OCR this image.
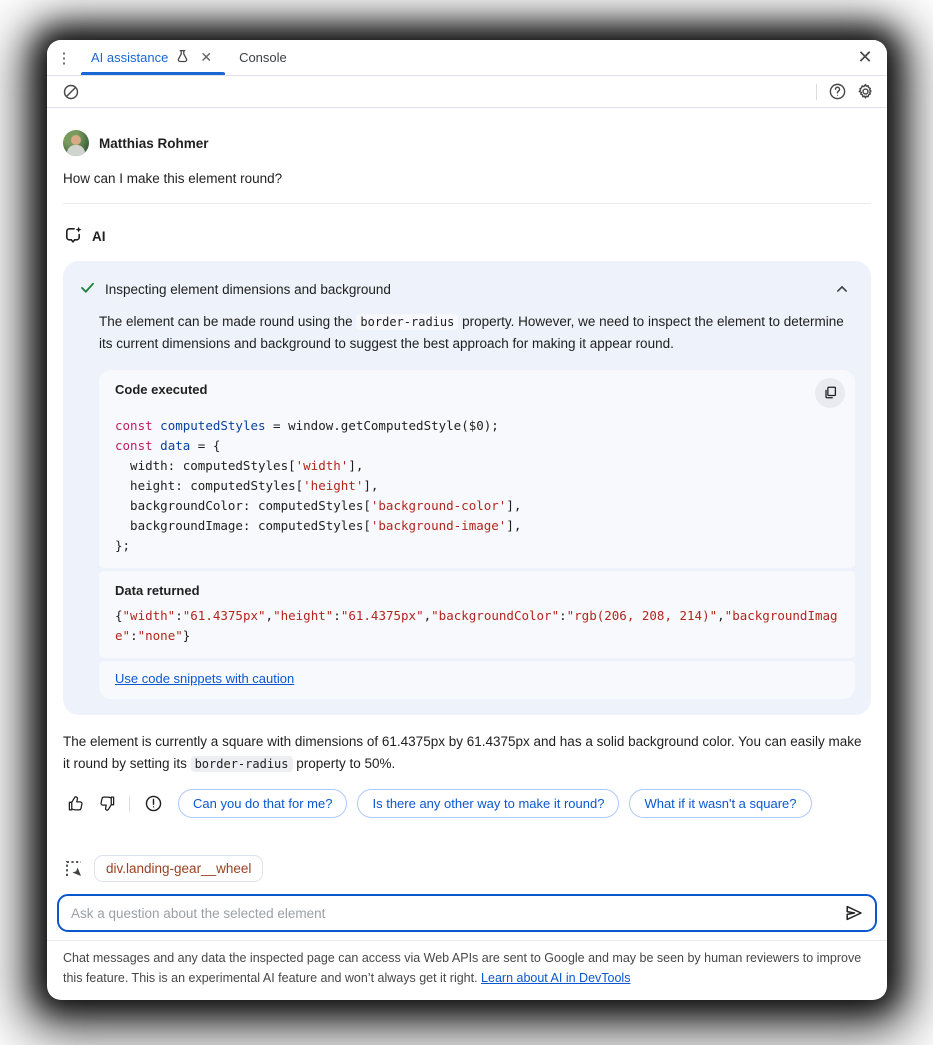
⋮	AI assistance ✕ Console	✕
Matthias Rohmer
How can I make this element round?
AI
Inspecting element dimensions and background
The element can be made round using the border-radius property. However, we need to inspect the element to determine its current dimensions and background to suggest the best approach for making it appear round.
Code executed
const computedStyles = window.getComputedStyle($0);
const data = {
width: computedStyles['width'],
height: computedStyles['height'],
backgroundColor: computedStyles['background-color'],
backgroundImage: computedStyles['background-image'],
};
Data returned
{"width":"61.4375px","height":"61.4375px","backgroundColor":"rgb(206, 208, 214)","backgroundImage":"none"}
Use code snippets with caution
The element is currently a square with dimensions of 61.4375px by 61.4375px and has a solid background color. You can easily make it round by setting its border-radius property to 50%.
Can you do that for me?	Is there any other way to make it round?	What if it wasn't a square?
div.landing-gear__wheel
Ask a question about the selected element
Chat messages and any data the inspected page can access via Web APIs are sent to Google and may be seen by human reviewers to improve this feature. This is an experimental AI feature and won’t always get it right. Learn about AI in DevTools
